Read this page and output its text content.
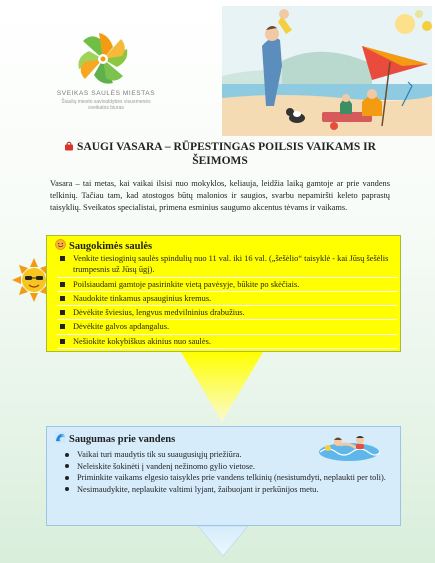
SVEIKAS SAULĖS MIESTAS
Šiaulių miesto savivaldybės visuomenės sveikatos biuras
SAUGI VASARA – RŪPESTINGAS POILSIS VAIKAMS IR ŠEIMOMS
Vasara – tai metas, kai vaikai ilsisi nuo mokyklos, keliauja, leidžia laiką gamtoje ar prie vandens telkinių. Tačiau tam, kad atostogos būtų malonios ir saugios, svarbu nepamiršti keleto paprastų taisyklių. Sveikatos specialistai, primena esminius saugumo akcentus tėvams ir vaikams.
Saugokimės saulės
Venkite tiesioginių saulės spindulių nuo 11 val. iki 16 val. („šešėlio“ taisyklė - kai Jūsų šešėlis trumpesnis už Jūsų ūgį).
Poilsiaudami gamtoje pasirinkite vietą pavėsyje, būkite po skėčiais.
Naudokite tinkamus apsauginius kremus.
Dėvėkite šviesius, lengvus medvilninius drabužius.
Dėvėkite galvos apdangalus.
Nešiokite kokybiškus akinius nuo saulės.
Saugumas prie vandens
Vaikai turi maudytis tik su suaugusiųjų priežiūra.
Neleiskite šokinėti į vandenį nežinomo gylio vietose.
Priminkite vaikams elgesio taisykles prie vandens telkinių (nesistumdyti, neplaukti per toli).
Nesimaudykite, neplaukite valtimi lyjant, žaibuojant ir perkūnijos metu.
